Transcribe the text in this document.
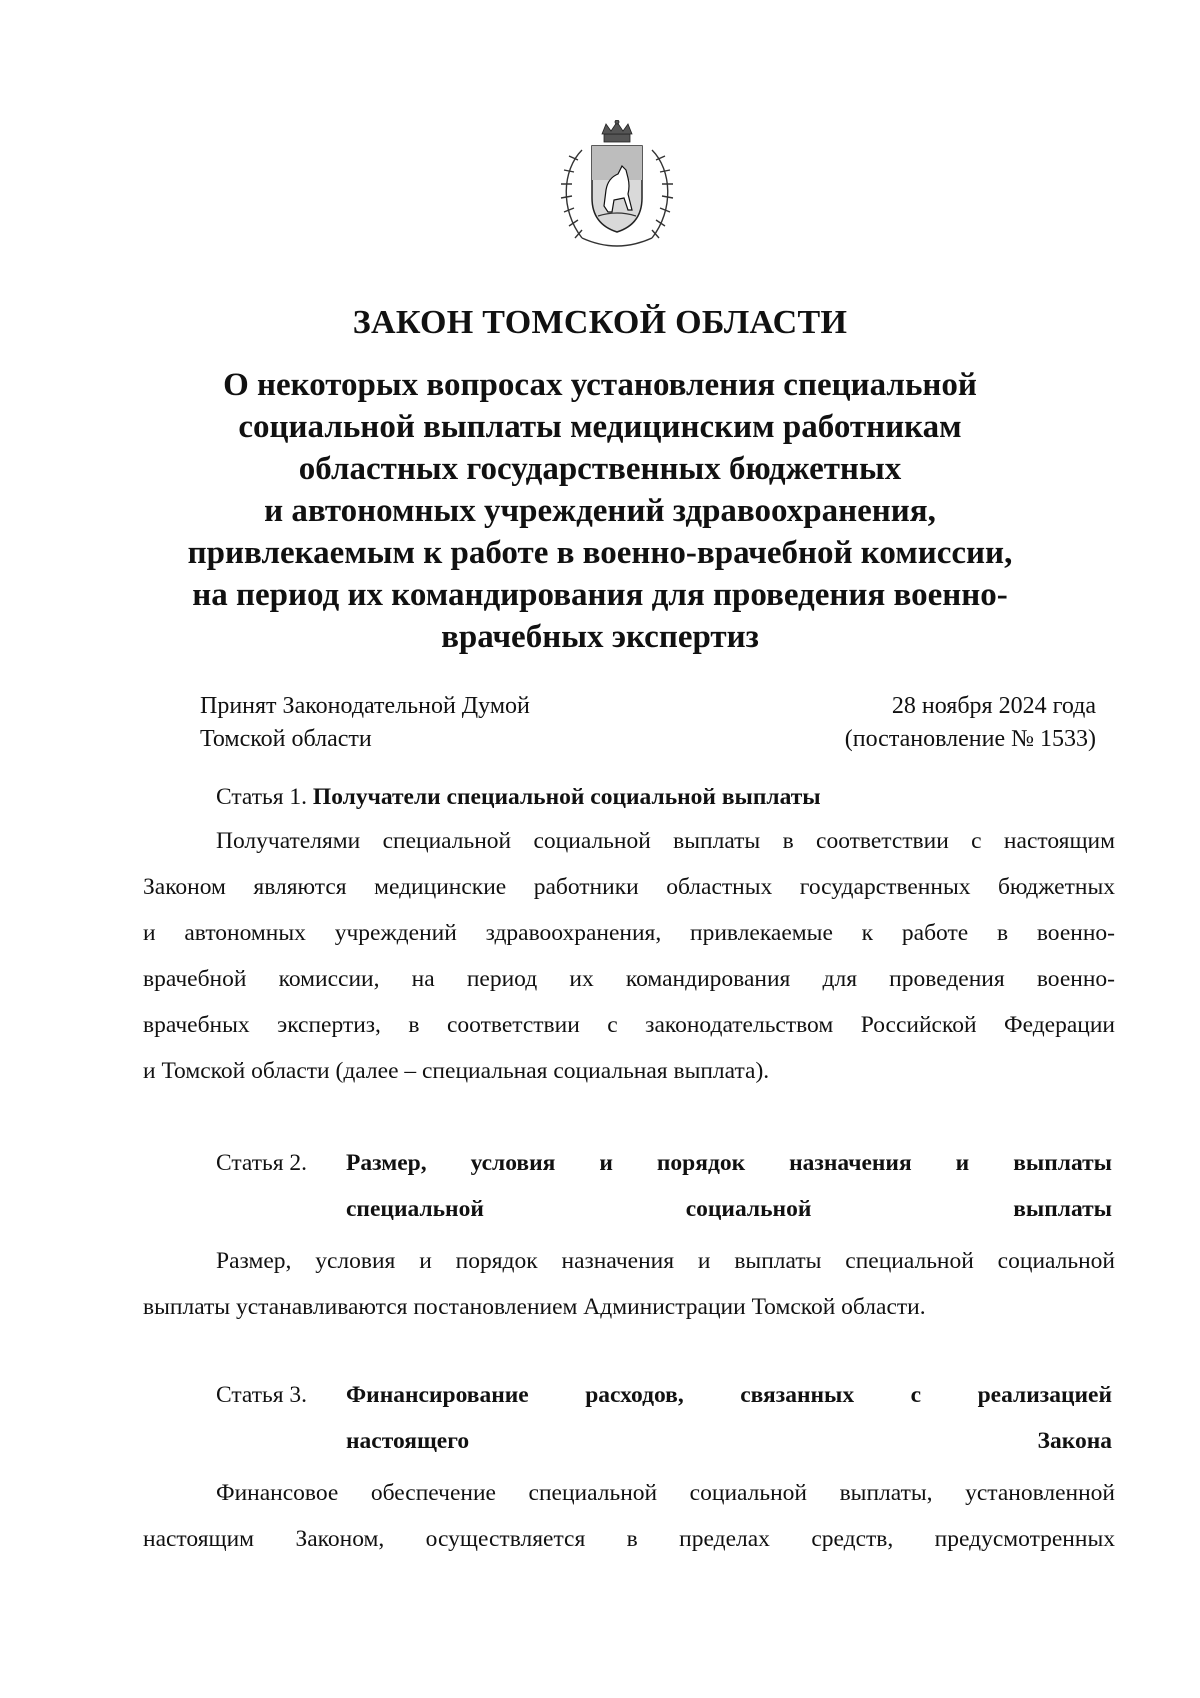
ЗАКОН ТОМСКОЙ ОБЛАСТИ
О некоторых вопросах установления специальной
социальной выплаты медицинским работникам
областных государственных бюджетных
и автономных учреждений здравоохранения,
привлекаемым к работе в военно-врачебной комиссии,
на период их командирования для проведения военно-
врачебных экспертиз
Принят Законодательной Думой
Томской области
28 ноября 2024 года
(постановление № 1533)
Статья 1. Получатели специальной социальной выплаты
Получателями специальной социальной выплаты в соответствии с настоящим
Законом являются медицинские работники областных государственных бюджетных
и автономных учреждений здравоохранения, привлекаемые к работе в военно-
врачебной комиссии, на период их командирования для проведения военно-
врачебных экспертиз, в соответствии с законодательством Российской Федерации
и Томской области (далее – специальная социальная выплата).
Статья 2. Размер, условия и порядок назначения и выплаты
специальной социальной выплаты
Размер, условия и порядок назначения и выплаты специальной социальной
выплаты устанавливаются постановлением Администрации Томской области.
Статья 3. Финансирование расходов, связанных с реализацией
настоящего Закона
Финансовое обеспечение специальной социальной выплаты, установленной
настоящим Законом, осуществляется в пределах средств, предусмотренных
